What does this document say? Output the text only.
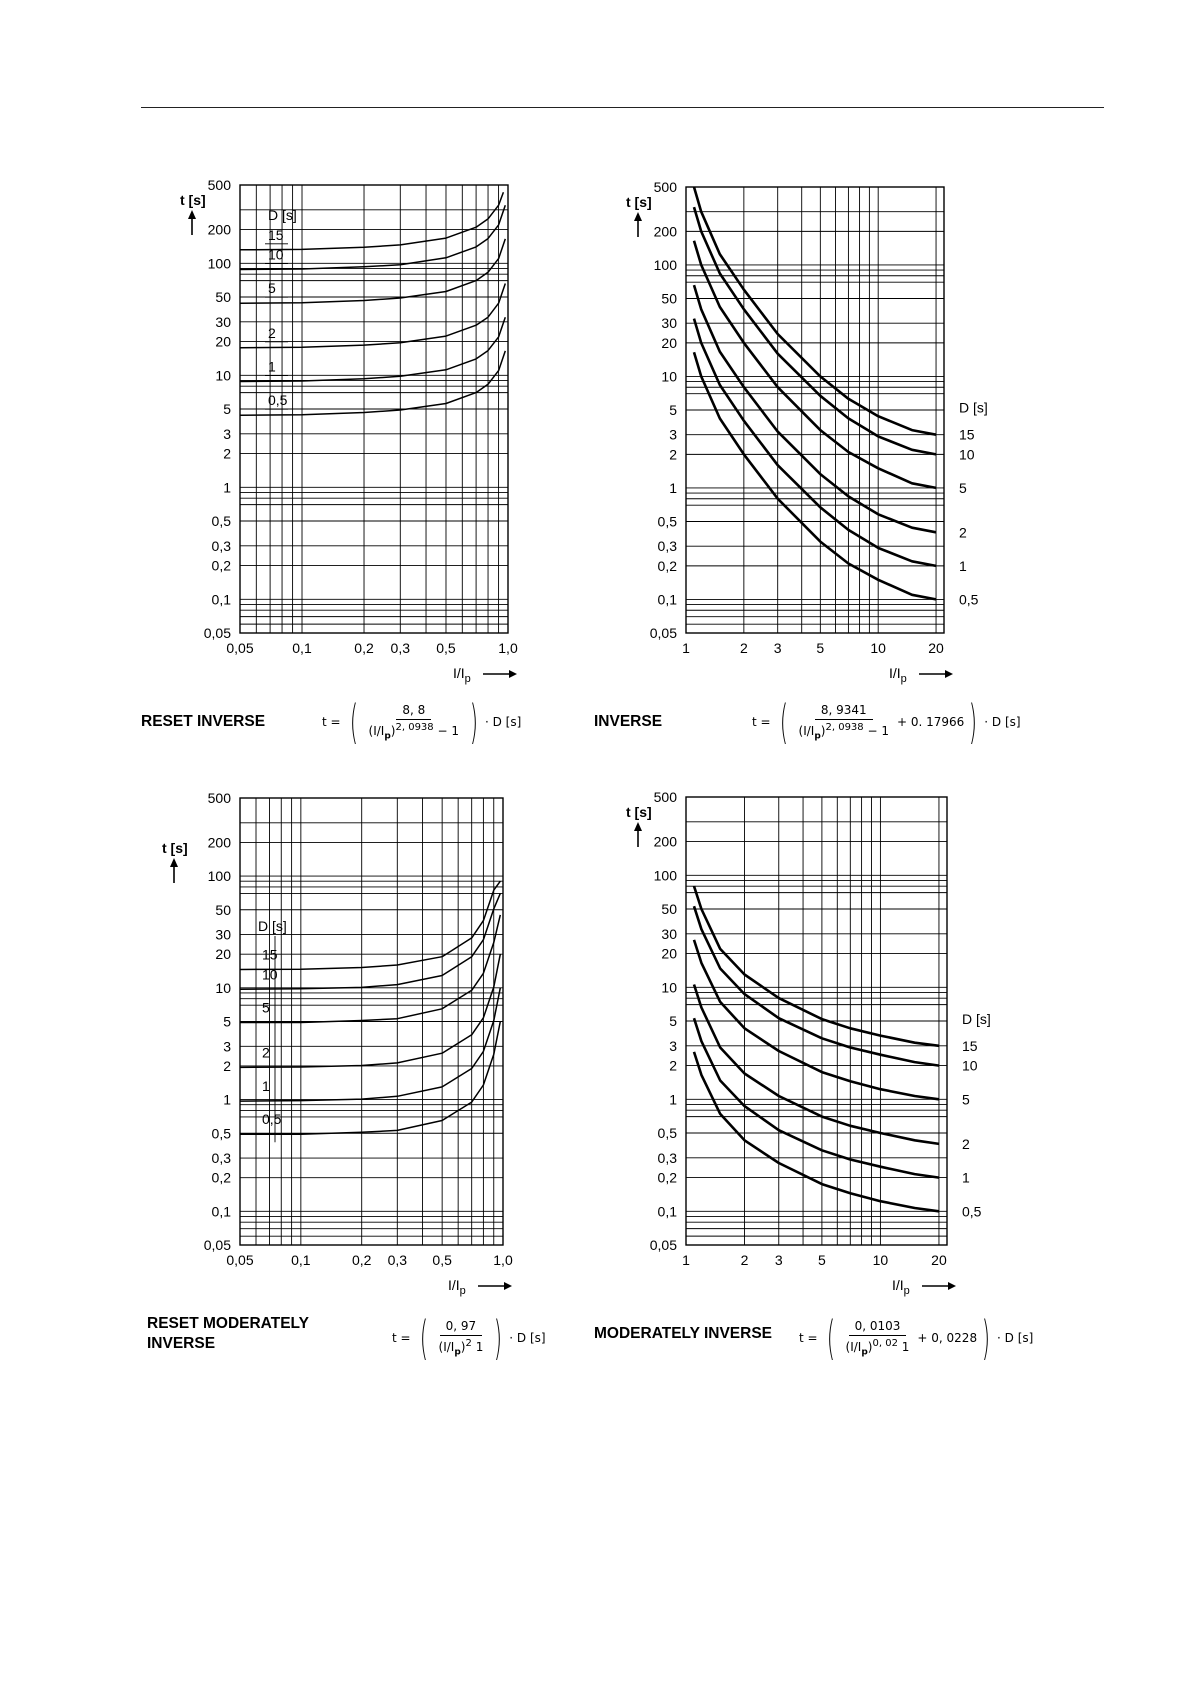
500
200
100
50
30
20
10
5
3
2
1
0,5
0,3
0,2
0,1
0,05
0,05	0,1	0,2 0,3 0,5	1,0
t [s]
$I/I_p$
D [s]
15
10
5
2
1
0,5
500
200
100
50
30
20
10
5
3
2
1
0,5
0,3
0,2
0,1
0,05
1	2 3 5	10	20
t [s]
$I/I_p$
D [s]
15
10
5
2
1
0,5
500
200
100
50
30
20
10
5
3
2
1
0,5
0,3
0,2
0,1
0,05
0,05	0,1	0,2 0,3 0,5	1,0
t [s]
$I/I_p$
D [s]
15
10
5
2
1
0,5
500
200
100
50
30
20
10
5
3
2
1
0,5
0,3
0,2
0,1
0,05
1	2 3	5	10	20
t [s]
$I/I_p$
D [s]
15
10
5
2
1
0,5
RESET INVERSE	INVERSE
RESET MODERATELY INVERSE
MODERATELY INVERSE
t = ( $\frac{8, 8}{(I/I_p)^{2, 0938} - 1}$ ) · D [s]	t = ( $\frac{8, 9341}{(I/I_p)^{2, 0938} - 1} + 0$. 17966 ) · D [s]
t = ( $\frac{0, 97}{(I/I_p)^2 1}$ ) · D [s]	t = ( $\frac{0, 0103}{(I/I_p)^{0, 02} 1} + 0$, 0228 ) · D [s]
